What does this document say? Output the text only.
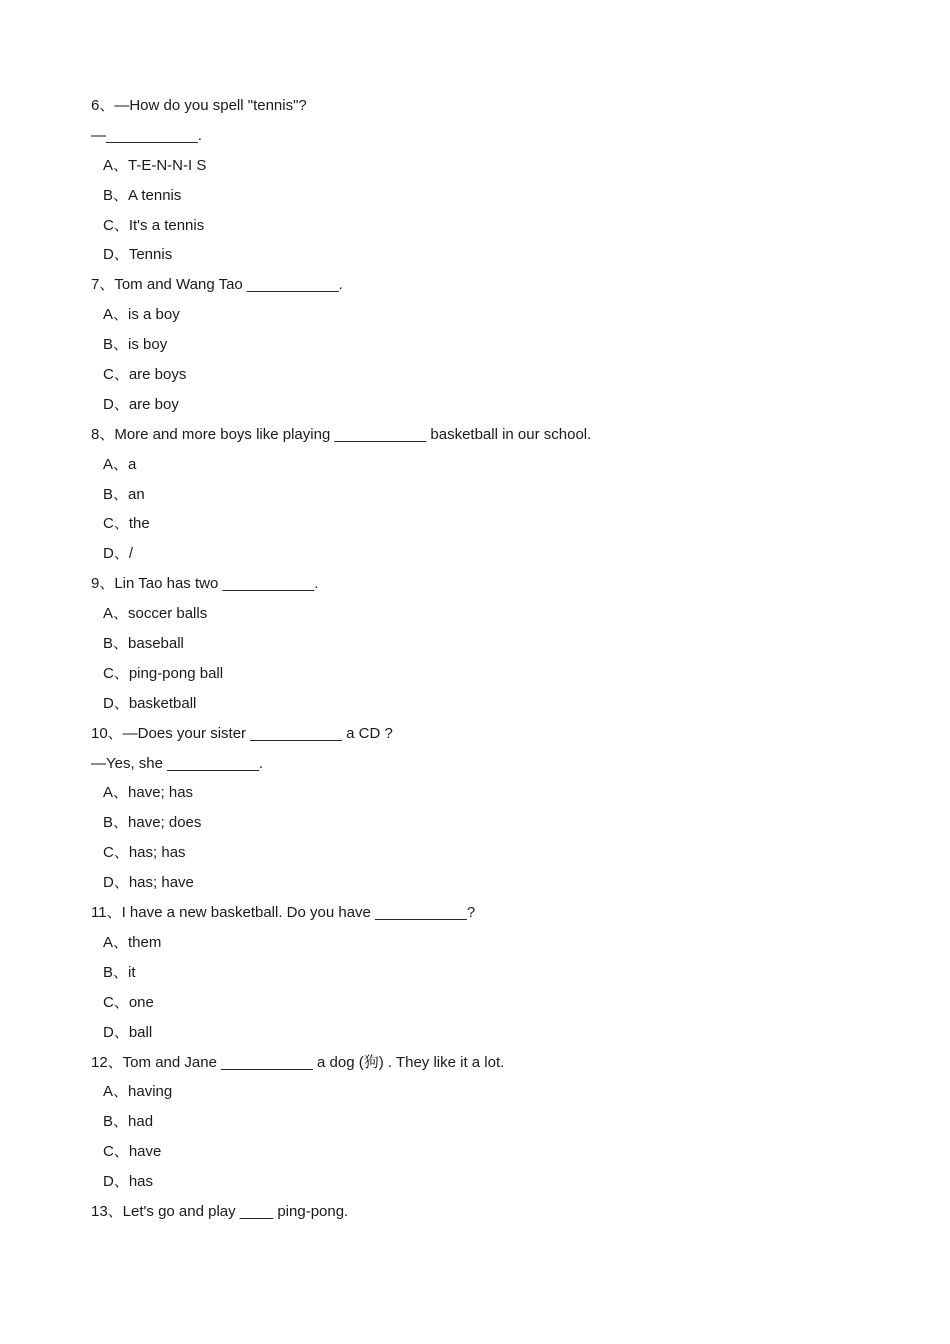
6、—How do you spell "tennis"?
—___________.
A、T-E-N-N-I S
B、A tennis
C、It's a tennis
D、Tennis
7、Tom and Wang Tao ___________.
A、is a boy
B、is boy
C、are boys
D、are boy
8、More and more boys like playing ___________ basketball in our school.
A、a
B、an
C、the
D、/
9、Lin Tao has two ___________.
A、soccer balls
B、baseball
C、ping-pong ball
D、basketball
10、—Does your sister ___________ a CD ?
—Yes, she ___________.
A、have; has
B、have; does
C、has; has
D、has; have
11、I have a new basketball. Do you have ___________?
A、them
B、it
C、one
D、ball
12、Tom and Jane ___________ a dog (狗) . They like it a lot.
A、having
B、had
C、have
D、has
13、Let's go and play ____ ping-pong.
